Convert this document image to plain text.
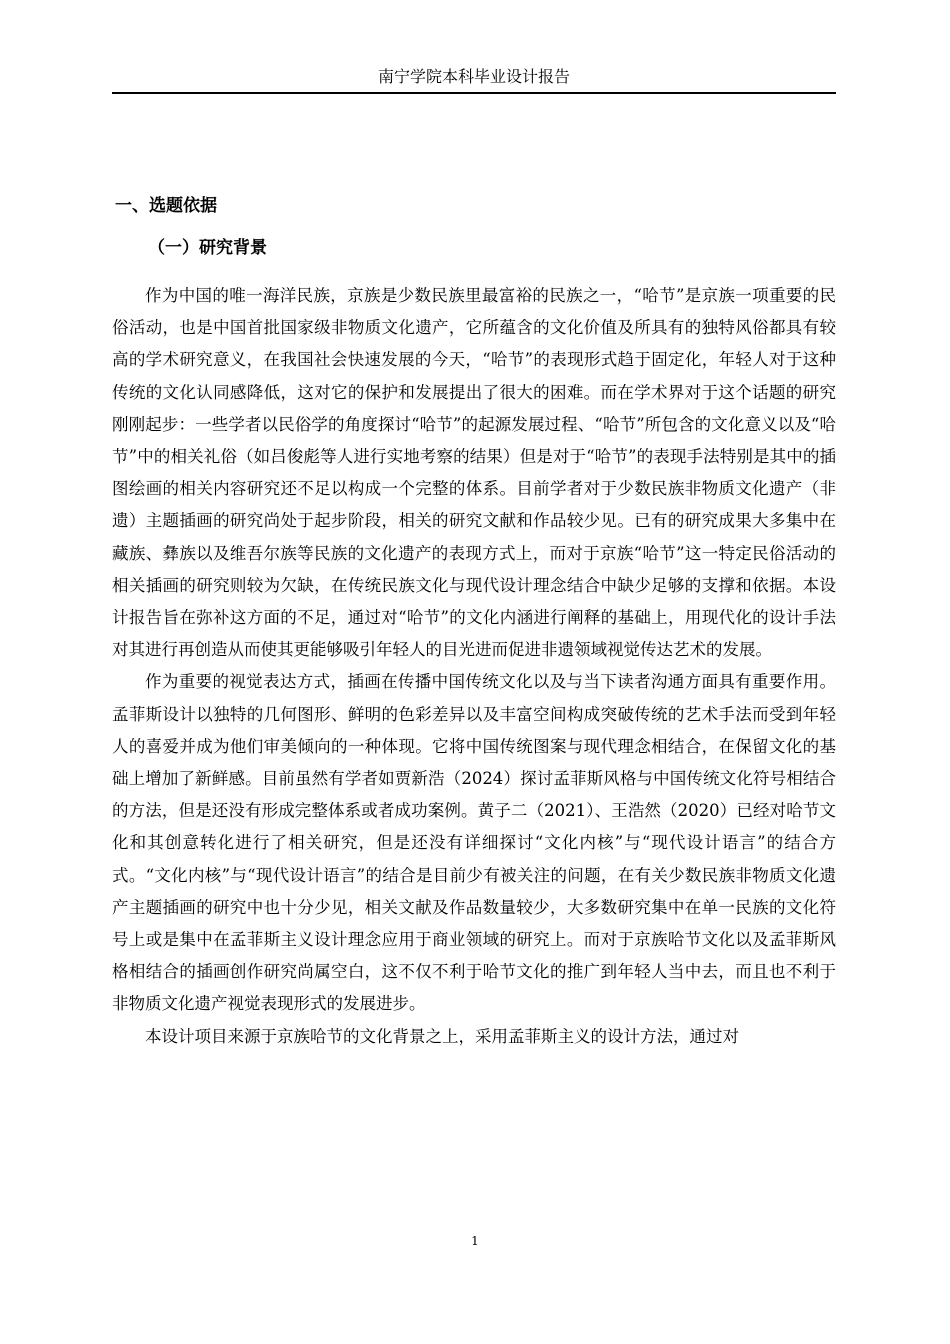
南宁学院本科毕业设计报告
一、选题依据
（一）研究背景

作为中国的唯一海洋民族，京族是少数民族里最富裕的民族之一，“哈节”是京族一项重要的民俗活动，也是中国首批国家级非物质文化遗产，它所蕴含的文化价值及所具有的独特风俗都具有较高的学术研究意义，在我国社会快速发展的今天，“哈节”的表现形式趋于固定化，年轻人对于这种传统的文化认同感降低，这对它的保护和发展提出了很大的困难。而在学术界对于这个话题的研究刚刚起步：一些学者以民俗学的角度探讨“哈节”的起源发展过程、“哈节”所包含的文化意义以及“哈节”中的相关礼俗（如吕俊彪等人进行实地考察的结果）但是对于“哈节”的表现手法特别是其中的插图绘画的相关内容研究还不足以构成一个完整的体系。目前学者对于少数民族非物质文化遗产（非遗）主题插画的研究尚处于起步阶段，相关的研究文献和作品较少见。已有的研究成果大多集中在藏族、彝族以及维吾尔族等民族的文化遗产的表现方式上，而对于京族“哈节”这一特定民俗活动的相关插画的研究则较为欠缺，在传统民族文化与现代设计理念结合中缺少足够的支撑和依据。本设计报告旨在弥补这方面的不足，通过对“哈节”的文化内涵进行阐释的基础上，用现代化的设计手法对其进行再创造从而使其更能够吸引年轻人的目光进而促进非遗领域视觉传达艺术的发展。

作为重要的视觉表达方式，插画在传播中国传统文化以及与当下读者沟通方面具有重要作用。孟菲斯设计以独特的几何图形、鲜明的色彩差异以及丰富空间构成突破传统的艺术手法而受到年轻人的喜爱并成为他们审美倾向的一种体现。它将中国传统图案与现代理念相结合，在保留文化的基础上增加了新鲜感。目前虽然有学者如贾新浩（2024）探讨孟菲斯风格与中国传统文化符号相结合的方法，但是还没有形成完整体系或者成功案例。黄子二（2021）、王浩然（2020）已经对哈节文化和其创意转化进行了相关研究，但是还没有详细探讨“文化内核”与“现代设计语言”的结合方式。“文化内核”与“现代设计语言”的结合是目前少有被关注的问题，在有关少数民族非物质文化遗产主题插画的研究中也十分少见，相关文献及作品数量较少，大多数研究集中在单一民族的文化符号上或是集中在孟菲斯主义设计理念应用于商业领域的研究上。而对于京族哈节文化以及孟菲斯风格相结合的插画创作研究尚属空白，这不仅不利于哈节文化的推广到年轻人当中去，而且也不利于非物质文化遗产视觉表现形式的发展进步。

本设计项目来源于京族哈节的文化背景之上，采用孟菲斯主义的设计方法，通过对

1
